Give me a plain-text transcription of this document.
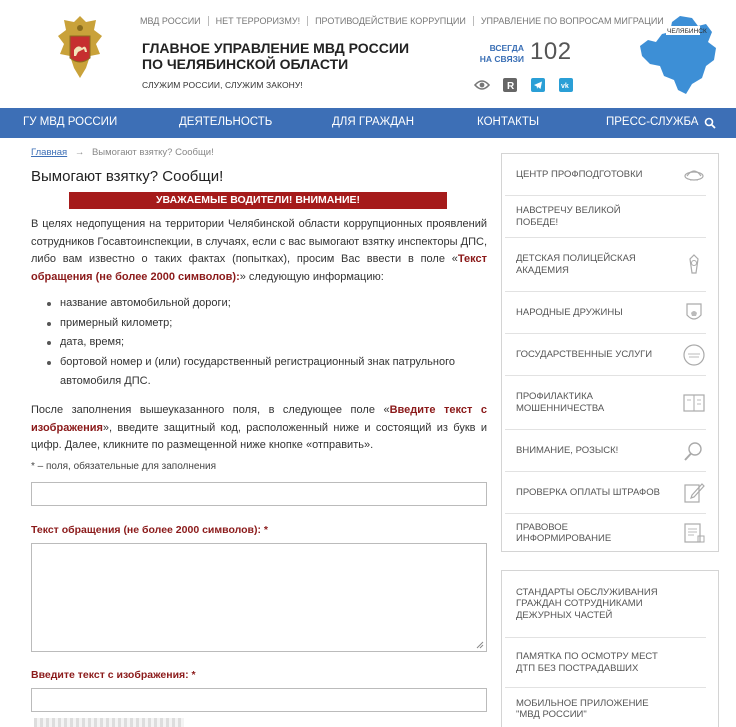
МВД РОССИИ	НЕТ ТЕРРОРИЗМУ!	ПРОТИВОДЕЙСТВИЕ КОРРУПЦИИ	УПРАВЛЕНИЕ ПО ВОПРОСАМ МИГРАЦИИ
ГЛАВНОЕ УПРАВЛЕНИЕ МВД РОССИИ
ПО ЧЕЛЯБИНСКОЙ ОБЛАСТИ
СЛУЖИМ РОССИИ, СЛУЖИМ ЗАКОНУ!
ВСЕГДА
НА СВЯЗИ 102
R	vk
ЧЕЛЯБИНСК
ГУ МВД РОССИИ	ДЕЯТЕЛЬНОСТЬ	ДЛЯ ГРАЖДАН	КОНТАКТЫ	ПРЕСС-СЛУЖБА
Главная → Вымогают взятку? Сообщи!
Вымогают взятку? Сообщи!
УВАЖАЕМЫЕ ВОДИТЕЛИ! ВНИМАНИЕ!
В целях недопущения на территории Челябинской области коррупционных проявлений сотрудников Госавтоинспекции, в случаях, если с вас вымогают взятку инспекторы ДПС, либо вам известно о таких фактах (попытках), просим Вас ввести в поле «Текст обращения (не более 2000 символов):» следующую информацию:
название автомобильной дороги;
примерный километр;
дата, время;
бортовой номер и (или) государственный регистрационный знак патрульного автомобиля ДПС.
После заполнения вышеуказанного поля, в следующее поле «Введите текст с изображения», введите защитный код, расположенный ниже и состоящий из букв и цифр. Далее, кликните по размещенной ниже кнопке «отправить».
* – поля, обязательные для заполнения
Текст обращения (не более 2000 символов): *
Введите текст с изображения: *
ЦЕНТР ПРОФПОДГОТОВКИ
НАВСТРЕЧУ ВЕЛИКОЙ ПОБЕДЕ!
ДЕТСКАЯ ПОЛИЦЕЙСКАЯ АКАДЕМИЯ
НАРОДНЫЕ ДРУЖИНЫ
ГОСУДАРСТВЕННЫЕ УСЛУГИ
ПРОФИЛАКТИКА МОШЕННИЧЕСТВА
ВНИМАНИЕ, РОЗЫСК!
ПРОВЕРКА ОПЛАТЫ ШТРАФОВ
ПРАВОВОЕ ИНФОРМИРОВАНИЕ
СТАНДАРТЫ ОБСЛУЖИВАНИЯ ГРАЖДАН СОТРУДНИКАМИ ДЕЖУРНЫХ ЧАСТЕЙ
ПАМЯТКА ПО ОСМОТРУ МЕСТ ДТП БЕЗ ПОСТРАДАВШИХ
МОБИЛЬНОЕ ПРИЛОЖЕНИЕ "МВД РОССИИ"
